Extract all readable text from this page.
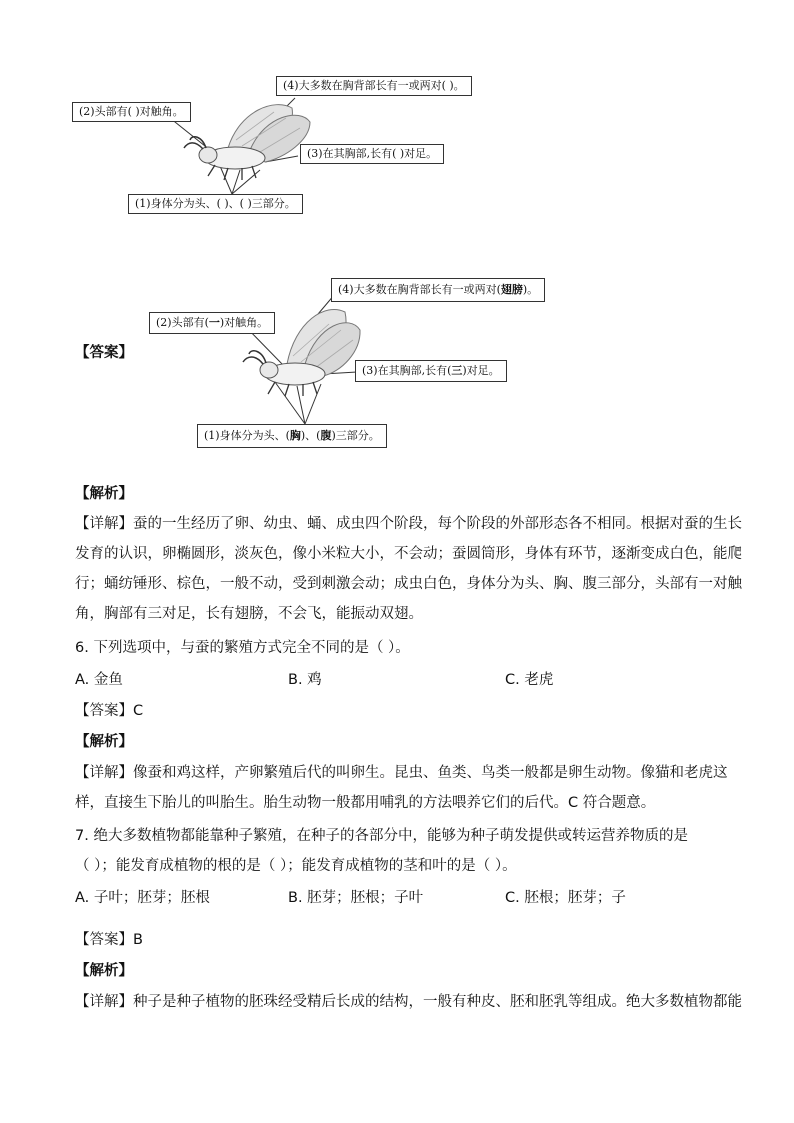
(4)大多数在胸背部长有一或两对( )。
(2)头部有( )对触角。
(3)在其胸部,长有( )对足。
(1)身体分为头、( )、( )三部分。
【答案】
(4)大多数在胸背部长有一或两对(翅膀)。
(2)头部有(一)对触角。
(3)在其胸部,长有(三)对足。
(1)身体分为头、(胸)、(腹)三部分。
【解析】
【详解】蚕的一生经历了卵、幼虫、蛹、成虫四个阶段，每个阶段的外部形态各不相同。根据对蚕的生长
发育的认识，卵椭圆形，淡灰色，像小米粒大小，不会动；蚕圆筒形，身体有环节，逐渐变成白色，能爬
行；蛹纺锤形、棕色，一般不动，受到刺激会动；成虫白色，身体分为头、胸、腹三部分，头部有一对触
角，胸部有三对足，长有翅膀，不会飞，能振动双翅。
6. 下列选项中，与蚕的繁殖方式完全不同的是（ ）。
A. 金鱼	B. 鸡	C. 老虎
【答案】C
【解析】
【详解】像蚕和鸡这样，产卵繁殖后代的叫卵生。昆虫、鱼类、鸟类一般都是卵生动物。像猫和老虎这
样，直接生下胎儿的叫胎生。胎生动物一般都用哺乳的方法喂养它们的后代。C 符合题意。
7. 绝大多数植物都能靠种子繁殖，在种子的各部分中，能够为种子萌发提供或转运营养物质的是
（ ）；能发育成植物的根的是（ ）；能发育成植物的茎和叶的是（ ）。
A. 子叶；胚芽；胚根	B. 胚芽；胚根；子叶	C. 胚根；胚芽；子
【答案】B
【解析】
【详解】种子是种子植物的胚珠经受精后长成的结构，一般有种皮、胚和胚乳等组成。绝大多数植物都能
